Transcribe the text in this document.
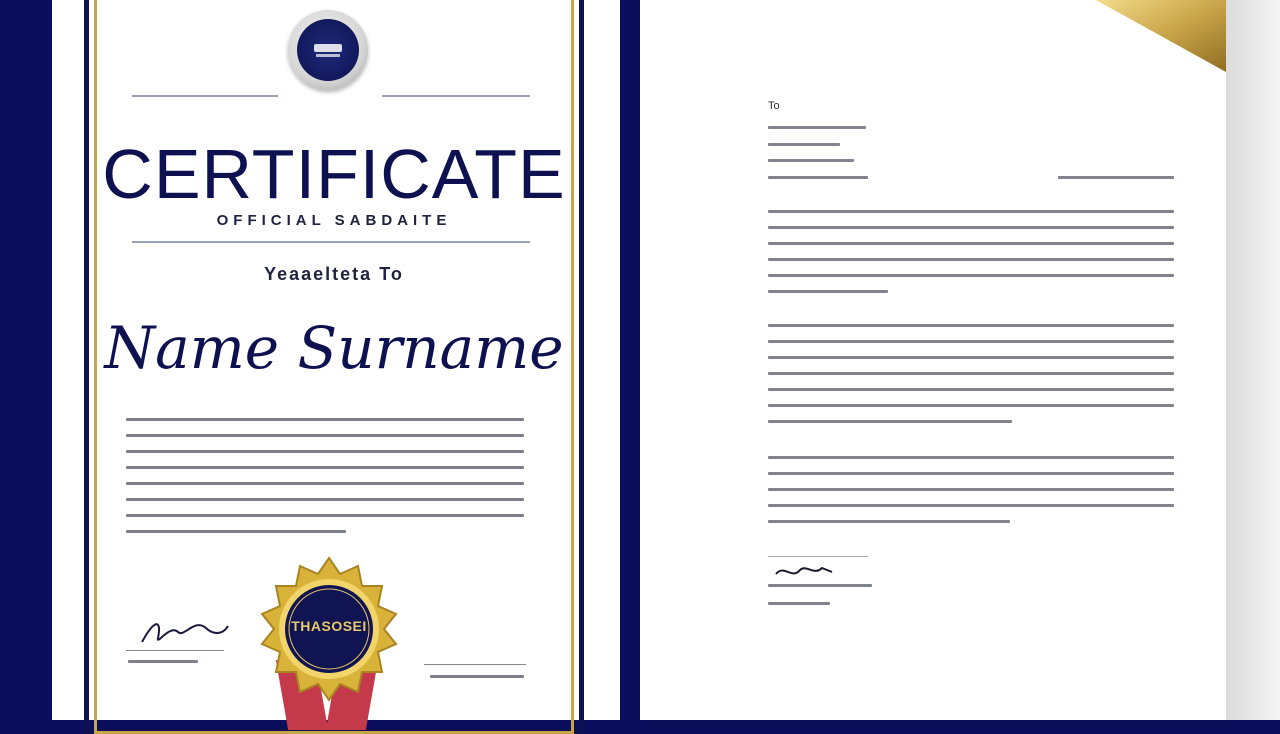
CERTIFICATE
OFFICIAL SABDAITE
Yeaaelteta To
Name Surname
THASOSEI
To
